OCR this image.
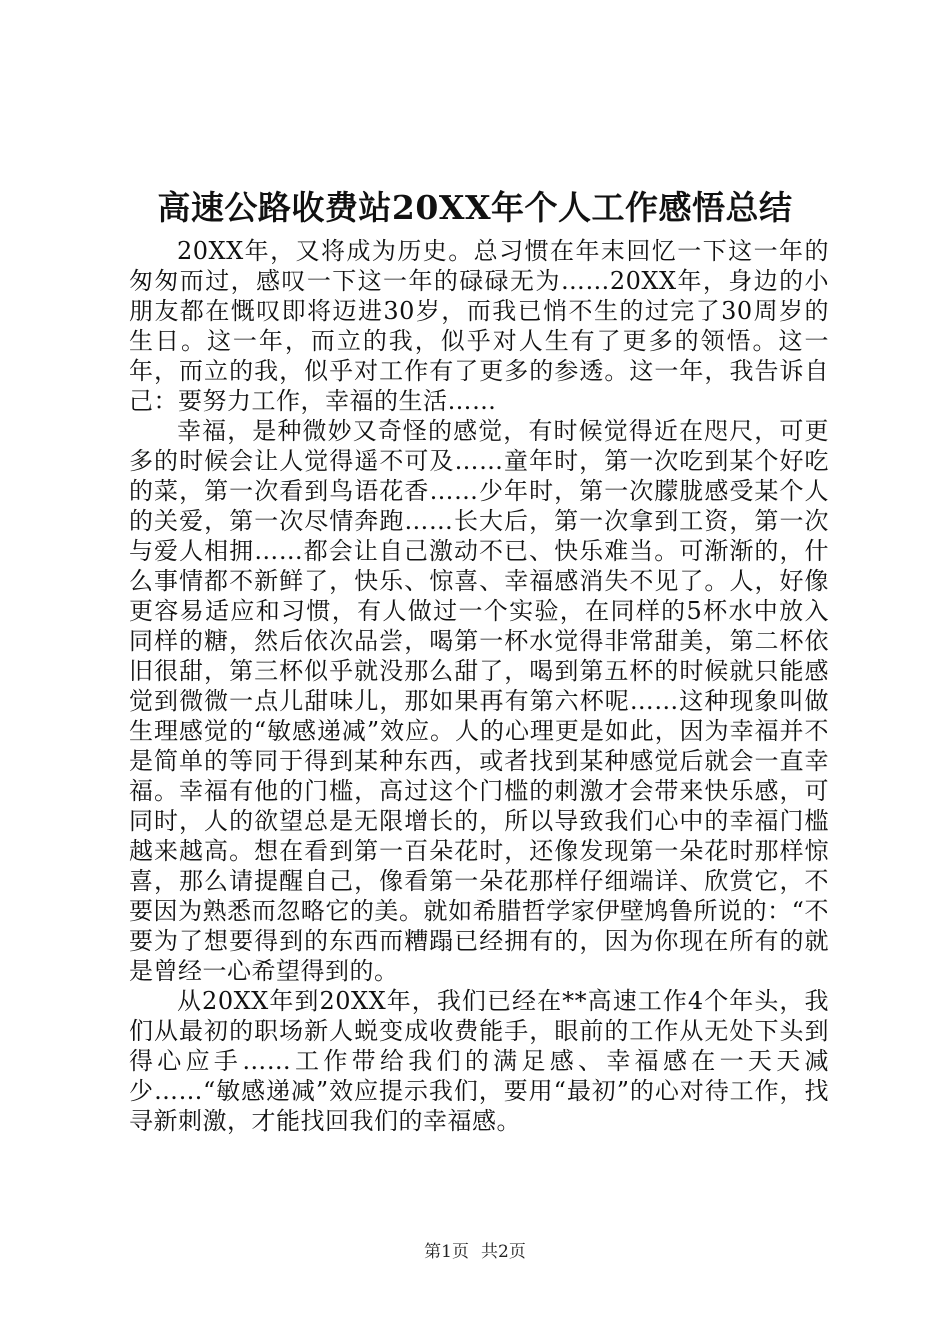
高速公路收费站20XX年个人工作感悟总结

20XX年，又将成为历史。总习惯在年末回忆一下这一年的匆匆而过，感叹一下这一年的碌碌无为……20XX年，身边的小朋友都在慨叹即将迈进30岁，而我已悄不生的过完了30周岁的生日。这一年，而立的我，似乎对人生有了更多的领悟。这一年，而立的我，似乎对工作有了更多的参透。这一年，我告诉自己：要努力工作，幸福的生活……

幸福，是种微妙又奇怪的感觉，有时候觉得近在咫尺，可更多的时候会让人觉得遥不可及……童年时，第一次吃到某个好吃的菜，第一次看到鸟语花香……少年时，第一次朦胧感受某个人的关爱，第一次尽情奔跑……长大后，第一次拿到工资，第一次与爱人相拥……都会让自己激动不已、快乐难当。可渐渐的，什么事情都不新鲜了，快乐、惊喜、幸福感消失不见了。人，好像更容易适应和习惯，有人做过一个实验，在同样的5杯水中放入同样的糖，然后依次品尝，喝第一杯水觉得非常甜美，第二杯依旧很甜，第三杯似乎就没那么甜了，喝到第五杯的时候就只能感觉到微微一点儿甜味儿，那如果再有第六杯呢……这种现象叫做生理感觉的“敏感递减”效应。人的心理更是如此，因为幸福并不是简单的等同于得到某种东西，或者找到某种感觉后就会一直幸福。幸福有他的门槛，高过这个门槛的刺激才会带来快乐感，可同时，人的欲望总是无限增长的，所以导致我们心中的幸福门槛越来越高。想在看到第一百朵花时，还像发现第一朵花时那样惊喜，那么请提醒自己，像看第一朵花那样仔细端详、欣赏它，不要因为熟悉而忽略它的美。就如希腊哲学家伊壁鸠鲁所说的：“不要为了想要得到的东西而糟蹋已经拥有的，因为你现在所有的就是曾经一心希望得到的。

从20XX年到20XX年，我们已经在**高速工作4个年头，我们从最初的职场新人蜕变成收费能手，眼前的工作从无处下头到得心应手……工作带给我们的满足感、幸福感在一天天减少……“敏感递减”效应提示我们，要用“最初”的心对待工作，找寻新刺激，才能找回我们的幸福感。

第1页 共2页
